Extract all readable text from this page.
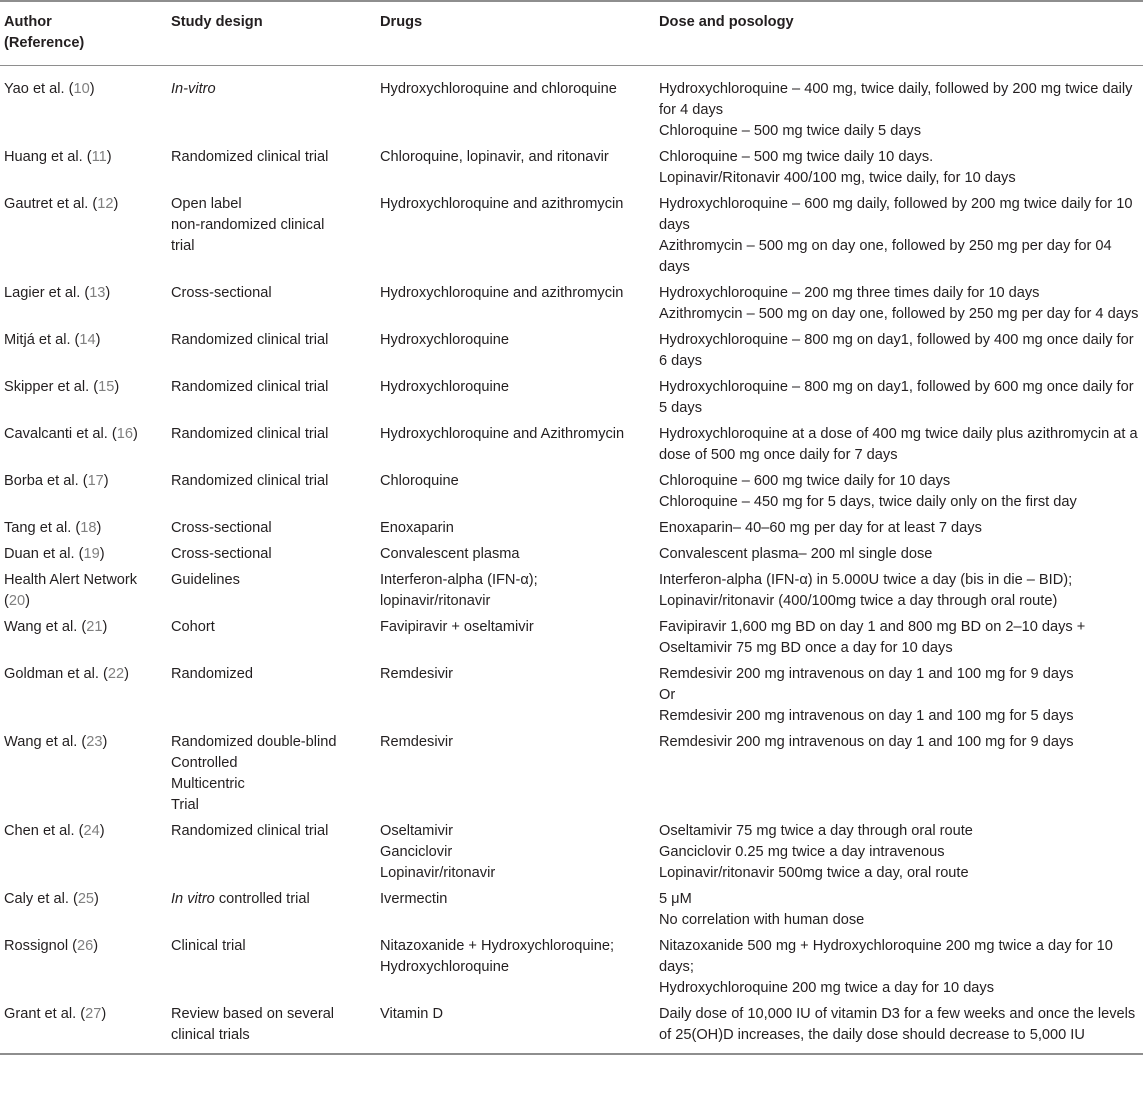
Author
(Reference)	Study design	Drugs	Dose and posology
Yao et al. (10)	In-vitro	Hydroxychloroquine and chloroquine	Hydroxychloroquine – 400 mg, twice daily, followed by 200 mg twice daily for 4 days
Chloroquine – 500 mg twice daily 5 days

Huang et al. (11)	Randomized clinical trial	Chloroquine, lopinavir, and ritonavir	Chloroquine – 500 mg twice daily 10 days.
Lopinavir/Ritonavir 400/100 mg, twice daily, for 10 days

Gautret et al. (12)	Open label
non-randomized clinical
trial	Hydroxychloroquine and azithromycin	Hydroxychloroquine – 600 mg daily, followed by 200 mg twice daily for 10 days
Azithromycin – 500 mg on day one, followed by 250 mg per day for 04 days

Lagier et al. (13)	Cross-sectional	Hydroxychloroquine and azithromycin	Hydroxychloroquine – 200 mg three times daily for 10 days
Azithromycin – 500 mg on day one, followed by 250 mg per day for 4 days

Mitjá et al. (14)	Randomized clinical trial	Hydroxychloroquine	Hydroxychloroquine – 800 mg on day1, followed by 400 mg once daily for 6 days

Skipper et al. (15)	Randomized clinical trial	Hydroxychloroquine	Hydroxychloroquine – 800 mg on day1, followed by 600 mg once daily for 5 days

Cavalcanti et al. (16)	Randomized clinical trial	Hydroxychloroquine and Azithromycin	Hydroxychloroquine at a dose of 400 mg twice daily plus azithromycin at a dose of 500 mg once daily for 7 days

Borba et al. (17)	Randomized clinical trial	Chloroquine	Chloroquine – 600 mg twice daily for 10 days
Chloroquine – 450 mg for 5 days, twice daily only on the first day

Tang et al. (18)	Cross-sectional	Enoxaparin	Enoxaparin– 40–60 mg per day for at least 7 days

Duan et al. (19)	Cross-sectional	Convalescent plasma	Convalescent plasma– 200 ml single dose

Health Alert Network (20)	Guidelines	Interferon-alpha (IFN-α);
lopinavir/ritonavir	Interferon-alpha (IFN-α) in 5.000U twice a day (bis in die – BID);
Lopinavir/ritonavir (400/100mg twice a day through oral route)

Wang et al. (21)	Cohort	Favipiravir + oseltamivir	Favipiravir 1,600 mg BD on day 1 and 800 mg BD on 2–10 days + Oseltamivir 75 mg BD once a day for 10 days

Goldman et al. (22)	Randomized	Remdesivir	Remdesivir 200 mg intravenous on day 1 and 100 mg for 9 days
Or
Remdesivir 200 mg intravenous on day 1 and 100 mg for 5 days

Wang et al. (23)	Randomized double-blind
Controlled
Multicentric
Trial	Remdesivir	Remdesivir 200 mg intravenous on day 1 and 100 mg for 9 days

Chen et al. (24)	Randomized clinical trial	Oseltamivir
Ganciclovir
Lopinavir/ritonavir	Oseltamivir 75 mg twice a day through oral route
Ganciclovir 0.25 mg twice a day intravenous
Lopinavir/ritonavir 500mg twice a day, oral route

Caly et al. (25)	In vitro controlled trial	Ivermectin	5 μM
No correlation with human dose

Rossignol (26)	Clinical trial	Nitazoxanide + Hydroxychloroquine;
Hydroxychloroquine	Nitazoxanide 500 mg + Hydroxychloroquine 200 mg twice a day for 10 days;
Hydroxychloroquine 200 mg twice a day for 10 days

Grant et al. (27)	Review based on several
clinical trials	Vitamin D	Daily dose of 10,000 IU of vitamin D3 for a few weeks and once the levels of 25(OH)D increases, the daily dose should decrease to 5,000 IU
